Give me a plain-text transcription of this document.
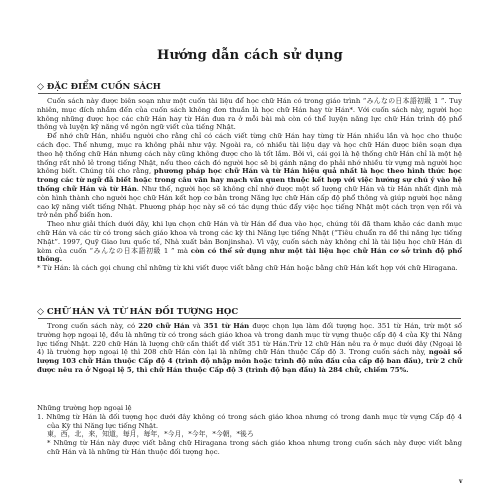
Hướng dẫn cách sử dụng
◇ ĐẶC ĐIỂM CUỐN SÁCH

Cuốn sách này được biên soạn như một cuốn tài liệu để học chữ Hán có trong giáo trình “みんなの日本語初級 1 ”. Tuy nhiên, mục đích nhắm đến của cuốn sách không đơn thuần là học chữ Hán hay từ Hán*. Với cuốn sách này, người học không những được học các chữ Hán hay từ Hán đưa ra ở mỗi bài mà còn có thể luyện năng lực chữ Hán trình độ phổ thông và luyện kỹ năng về ngôn ngữ viết của tiếng Nhật.

Để nhớ chữ Hán, nhiều người cho rằng chỉ có cách viết từng chữ Hán hay từng từ Hán nhiều lần và học cho thuộc cách đọc. Thế nhưng, mục ra không phải như vậy. Ngoài ra, có nhiều tài liệu dạy và học chữ Hán được biên soạn dựa theo hệ thống chữ Hán nhưng cách này cũng không được cho là tốt lắm. Bởi vì, cái gọi là hệ thống chữ Hán chỉ là một hệ thống rất nhỏ lẻ trong tiếng Nhật, nếu theo cách đó người học sẽ bị gánh nặng do phải nhớ nhiều từ vựng mà người học không biết. Chúng tôi cho rằng, phương pháp học chữ Hán và từ Hán hiệu quả nhất là học theo hình thức học trong các từ ngữ đã biết hoặc trong câu văn hay mạch văn quen thuộc kết hợp với việc hướng sự chú ý vào hệ thống chữ Hán và từ Hán. Như thế, người học sẽ không chỉ nhớ được một số lượng chữ Hán và từ Hán nhất định mà còn hình thành cho người học chữ Hán kết hợp cơ bản trong Năng lực chữ Hán cấp độ phổ thông và giúp người học nâng cao kỹ năng viết tiếng Nhật. Phương pháp học này sẽ có tác dụng thúc đẩy việc học tiếng Nhật một cách trọn vẹn rồi và trở nên phổ biến hơn.

Theo như giải thích dưới đây, khi lựa chọn chữ Hán và từ Hán để đưa vào học, chúng tôi đã tham khảo các danh mục chữ Hán và các từ có trong sách giáo khoa và trong các kỳ thi Năng lực tiếng Nhật (“Tiêu chuẩn ra đề thi năng lực tiếng Nhật”. 1997, Quỹ Giao lưu quốc tế, Nhà xuất bản Bonjinsha). Vì vậy, cuốn sách này không chỉ là tài liệu học chữ Hán đi kèm của cuốn “みんなの日本語初級 1 ” mà còn có thể sử dụng như một tài liệu học chữ Hán cơ sở trình độ phổ thông.

* Từ Hán: là cách gọi chung chỉ những từ khi viết được viết bằng chữ Hán hoặc bằng chữ Hán kết hợp với chữ Hiragana.

◇ CHỮ HÁN VÀ TỪ HÁN ĐỐI TƯỢNG HỌC

Trong cuốn sách này, có 220 chữ Hán và 351 từ Hán được chọn lựa làm đối tượng học. 351 từ Hán, trừ một số trường hợp ngoại lệ, đều là những từ có trong sách giáo khoa và trong danh mục từ vựng thuộc cấp độ 4 của Kỳ thi Năng lực tiếng Nhật. 220 chữ Hán là lượng chữ cần thiết để viết 351 từ Hán.Trừ 12 chữ Hán nêu ra ở mục dưới đây (Ngoại lệ 4) là trường hợp ngoại lệ thì 208 chữ Hán còn lại là những chữ Hán thuộc Cấp độ 3. Trong cuốn sách này, ngoài số lượng 103 chữ Hán thuộc Cấp độ 4 (trình độ nhập môn hoặc trình độ nửa đầu của cấp độ ban đầu), trừ 2 chữ được nêu ra ở Ngoại lệ 5, thì chữ Hán thuộc Cấp độ 3 (trình độ bạn đầu) là 284 chữ, chiếm 75%.

Những trường hợp ngoại lệ

1. Những từ Hán là đối tượng học dưới đây không có trong sách giáo khoa nhưng có trong danh mục từ vựng Cấp độ 4 của Kỳ thi Năng lực tiếng Nhật.

東，西，北，来，知道，毎月，毎年，*今月，*今年，*今朝，*後ろ

* Những từ Hán này được viết bằng chữ Hiragana trong sách giáo khoa nhưng trong cuốn sách này được viết bằng chữ Hán và là những từ Hán thuộc đối tượng học.

v
